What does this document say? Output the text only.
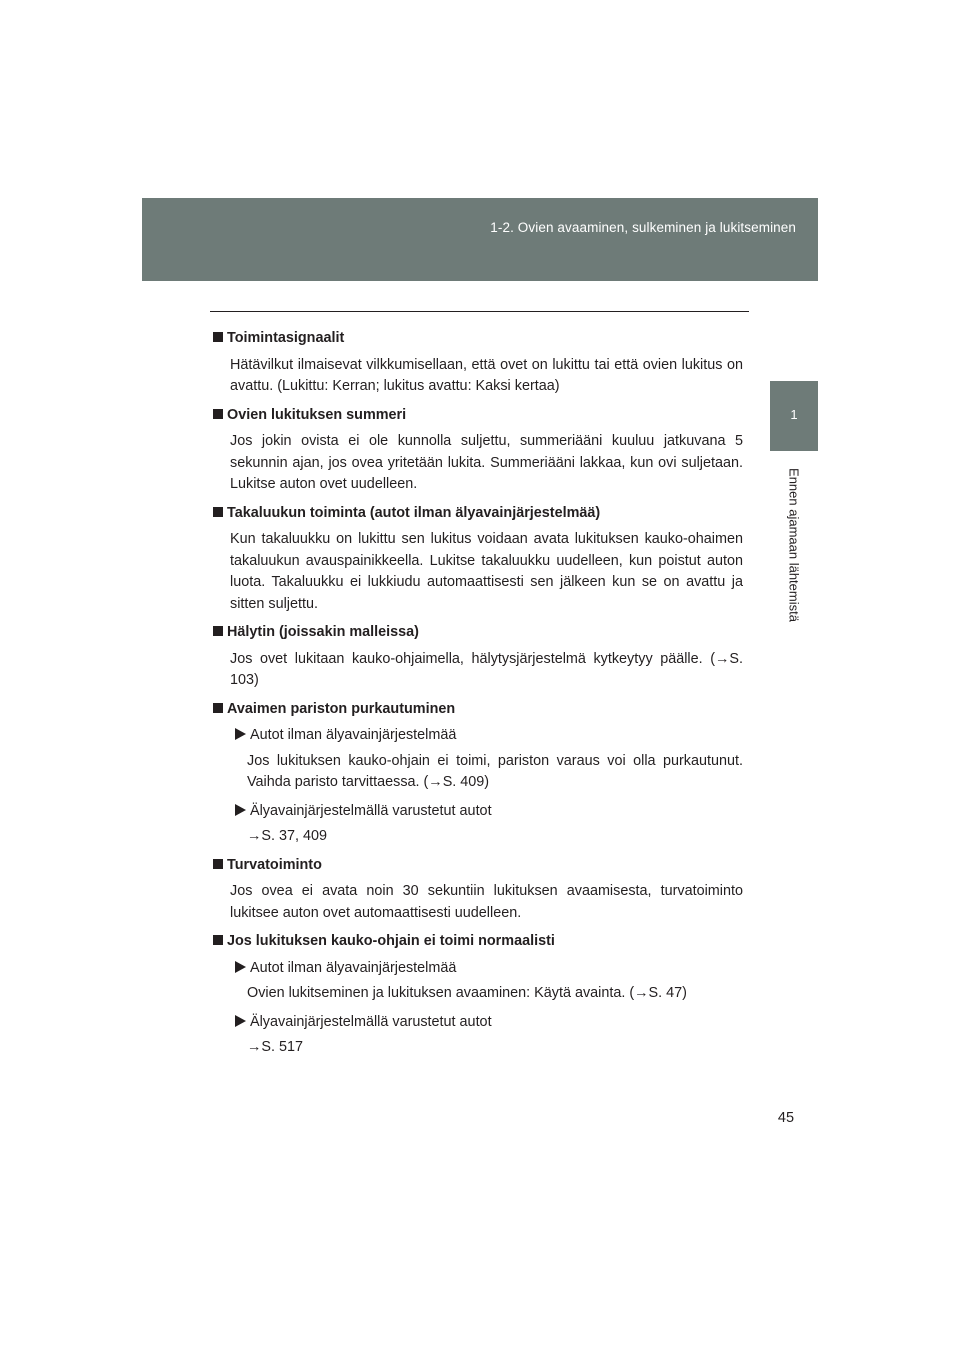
1-2. Ovien avaaminen, sulkeminen ja lukitseminen
1
Ennen ajamaan lähtemistä
Toimintasignaalit
Hätävilkut ilmaisevat vilkkumisellaan, että ovet on lukittu tai että ovien lukitus on avattu. (Lukittu: Kerran; lukitus avattu: Kaksi kertaa)
Ovien lukituksen summeri
Jos jokin ovista ei ole kunnolla suljettu, summeriääni kuuluu jatkuvana 5 sekunnin ajan, jos ovea yritetään lukita. Summeriääni lakkaa, kun ovi suljetaan. Lukitse auton ovet uudelleen.
Takaluukun toiminta (autot ilman älyavainjärjestelmää)
Kun takaluukku on lukittu sen lukitus voidaan avata lukituksen kauko-ohaimen takaluukun avauspainikkeella. Lukitse takaluukku uudelleen, kun poistut auton luota. Takaluukku ei lukkiudu automaattisesti sen jälkeen kun se on avattu ja sitten suljettu.
Hälytin (joissakin malleissa)
Jos ovet lukitaan kauko-ohjaimella, hälytysjärjestelmä kytkeytyy päälle. (→S. 103)
Avaimen pariston purkautuminen
Autot ilman älyavainjärjestelmää
Jos lukituksen kauko-ohjain ei toimi, pariston varaus voi olla purkautunut. Vaihda paristo tarvittaessa. (→S. 409)
Älyavainjärjestelmällä varustetut autot
→S. 37, 409
Turvatoiminto
Jos ovea ei avata noin 30 sekuntiin lukituksen avaamisesta, turvatoiminto lukitsee auton ovet automaattisesti uudelleen.
Jos lukituksen kauko-ohjain ei toimi normaalisti
Autot ilman älyavainjärjestelmää
Ovien lukitseminen ja lukituksen avaaminen: Käytä avainta. (→S. 47)
Älyavainjärjestelmällä varustetut autot
→S. 517
45
